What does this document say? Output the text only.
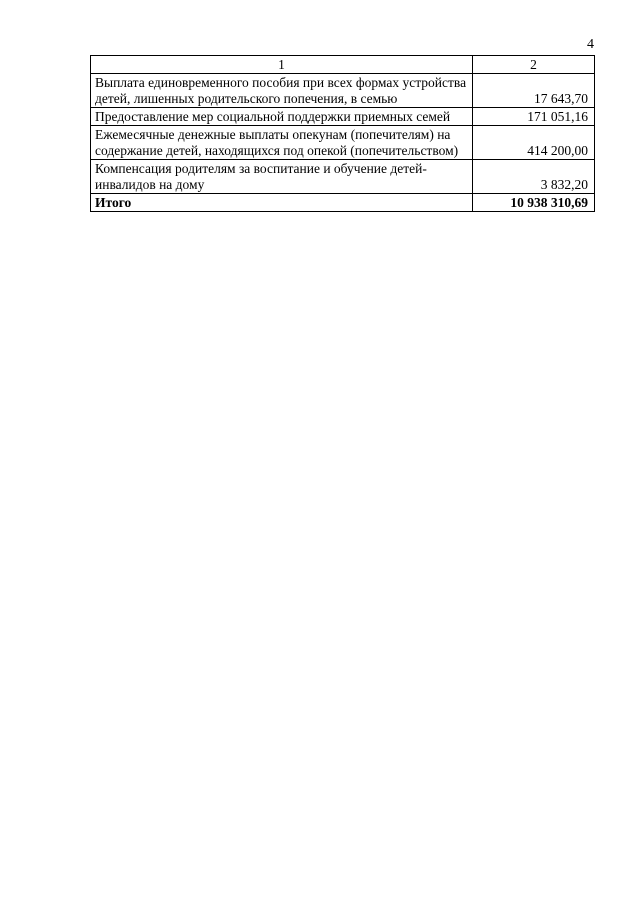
4
1	2
Выплата единовременного пособия при всех формах устройства детей, лишенных родительского попечения, в семью	17 643,70
Предоставление мер социальной поддержки приемных семей	171 051,16
Ежемесячные денежные выплаты опекунам (попечителям) на содержание детей, находящихся под опекой (попечительством)	414 200,00
Компенсация родителям за воспитание и обучение детей-инвалидов на дому	3 832,20
Итого	10 938 310,69
